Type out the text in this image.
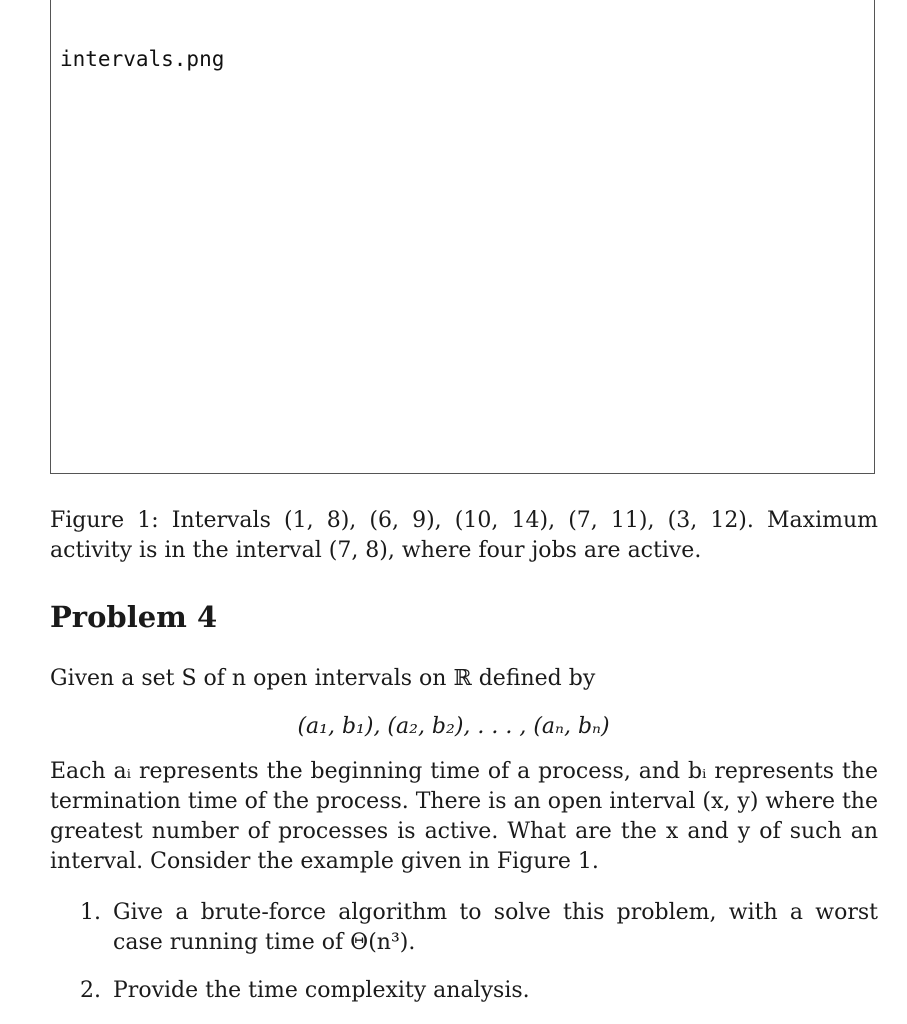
intervals.png
Figure 1: Intervals (1, 8), (6, 9), (10, 14), (7, 11), (3, 12). Maximum activity is in the interval (7, 8), where four jobs are active.
Problem 4
Given a set S of n open intervals on ℝ defined by
(a₁, b₁), (a₂, b₂), . . . , (aₙ, bₙ)
Each aᵢ represents the beginning time of a process, and bᵢ represents the termination time of the process. There is an open interval (x, y) where the greatest number of processes is active. What are the x and y of such an interval. Consider the example given in Figure 1.
1. Give a brute-force algorithm to solve this problem, with a worst case running time of Θ(n³).
2. Provide the time complexity analysis.
